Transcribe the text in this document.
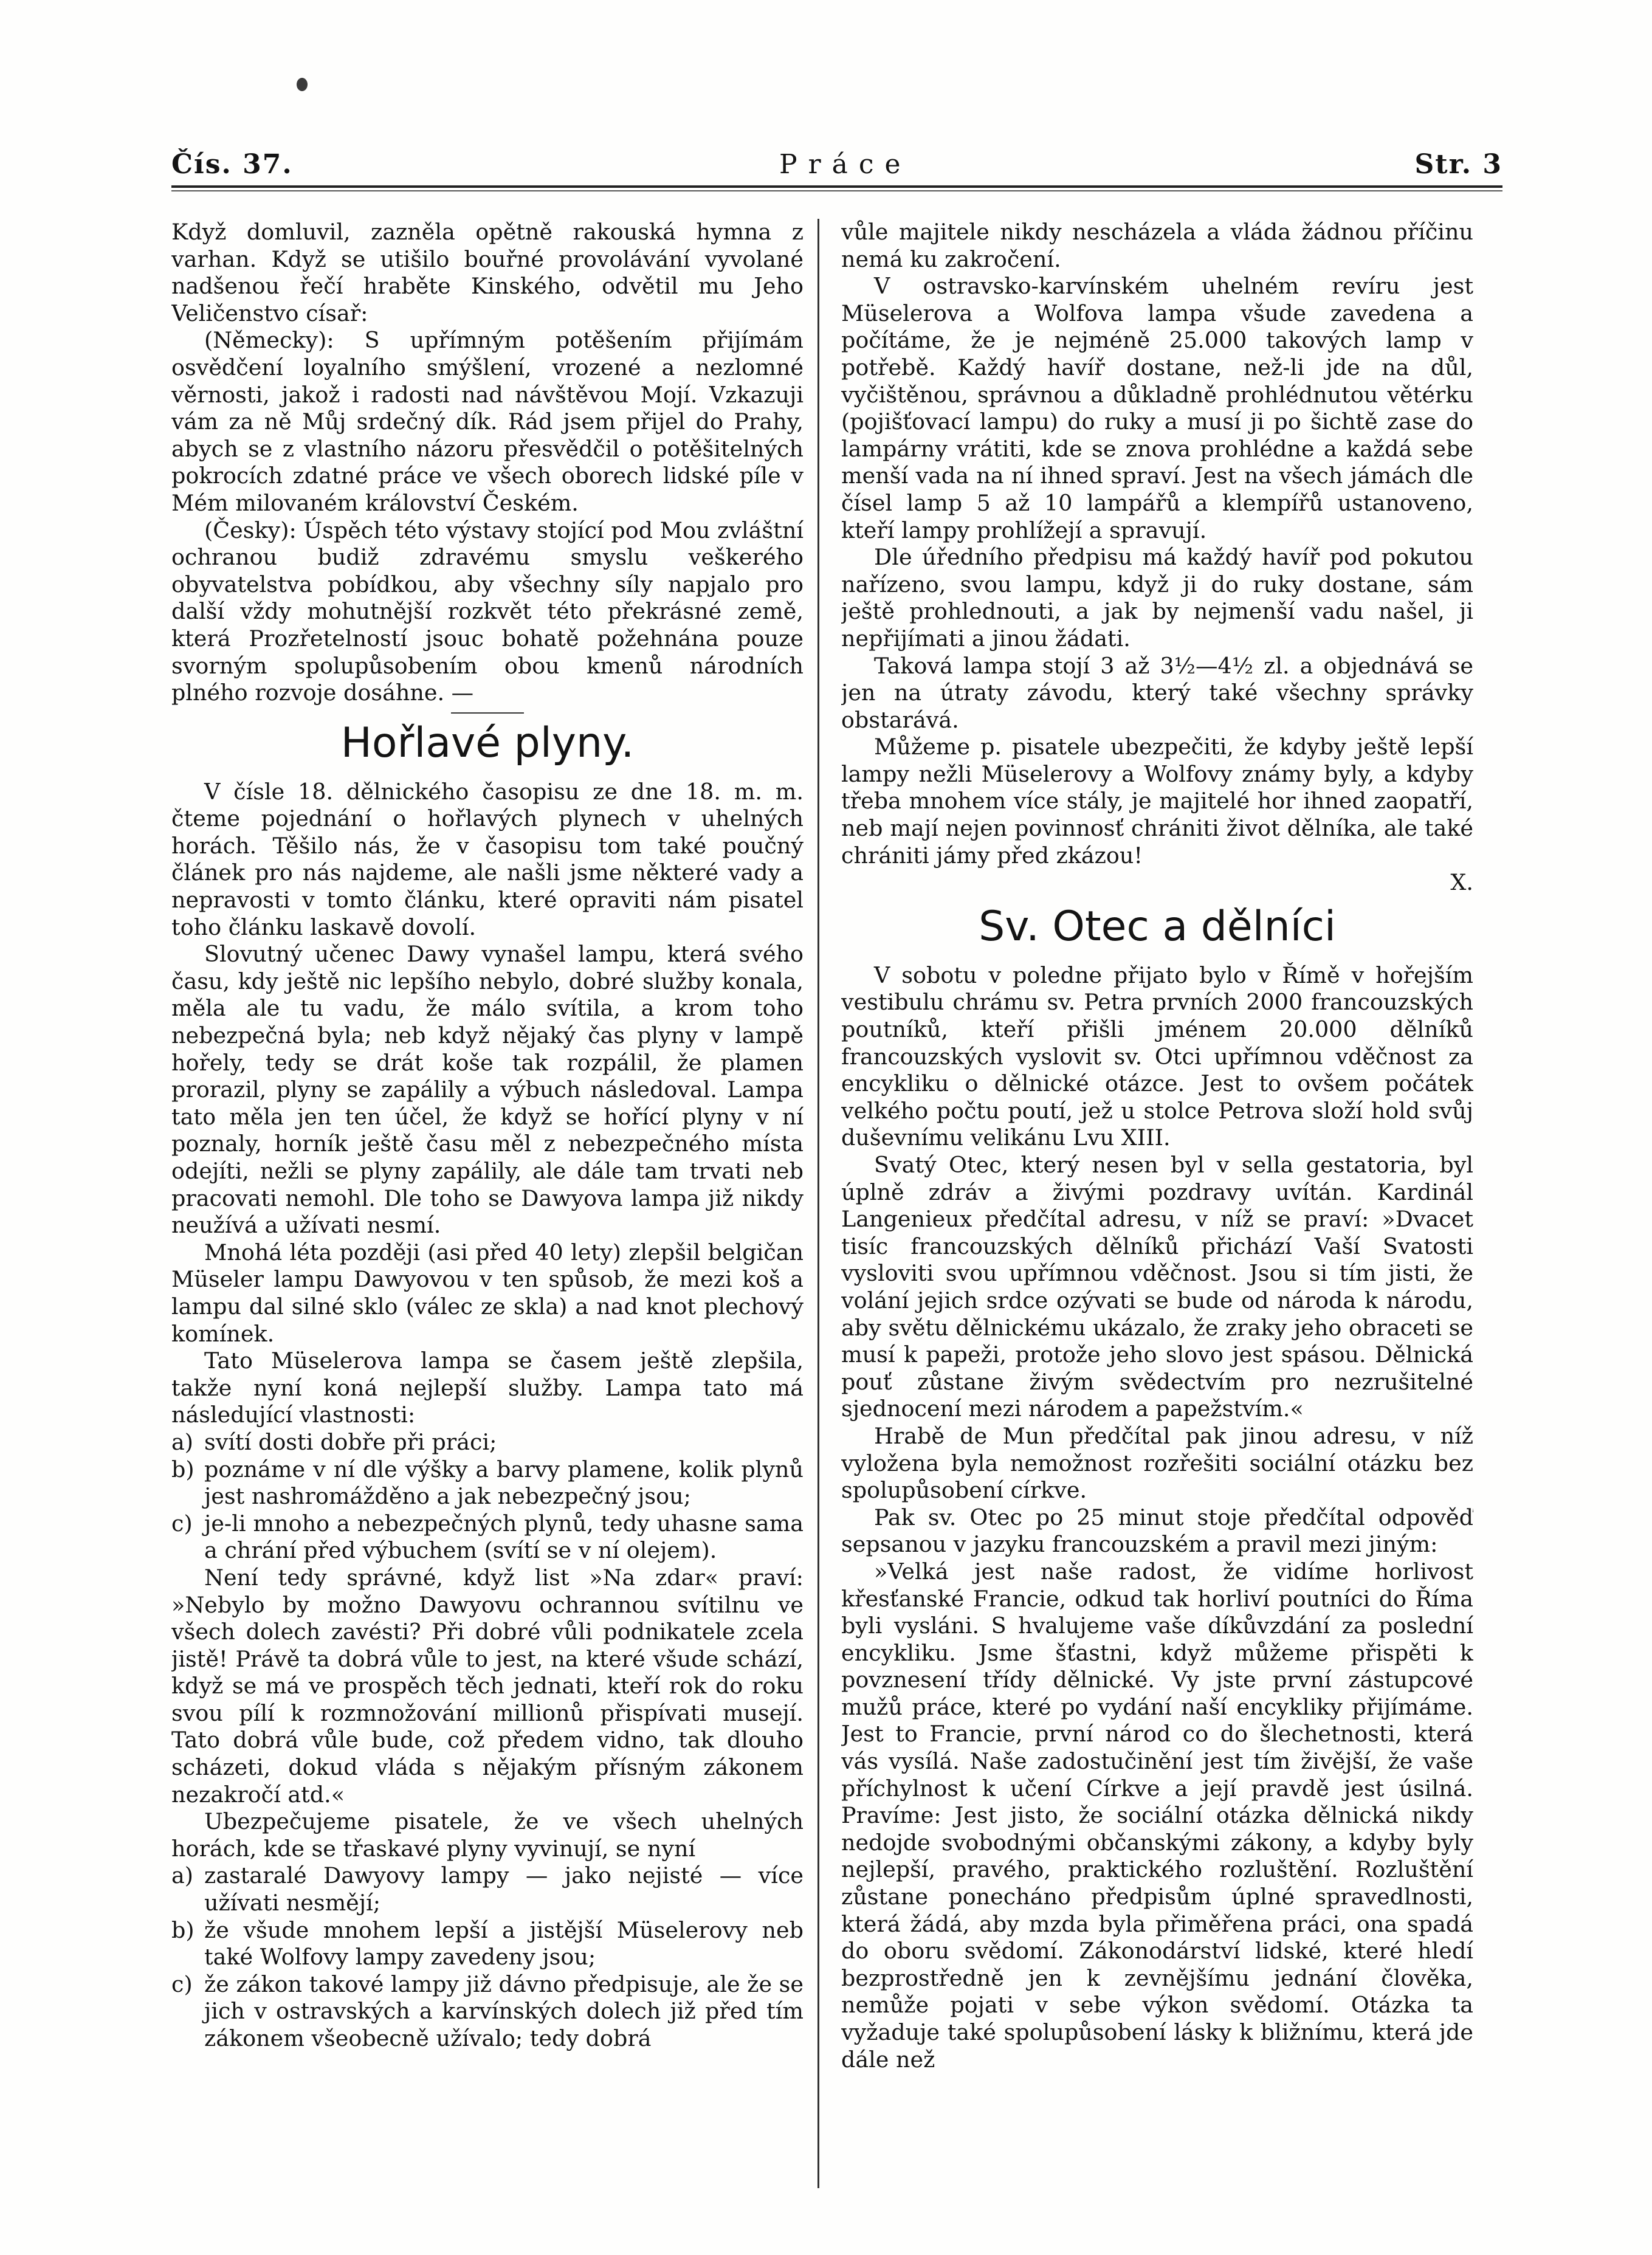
Čís. 37.	Práce	Str. 3

Když domluvil, zazněla opětně rakouská hymna z varhan. Když se utišilo bouřné provolávání vyvolané nadšenou řečí hraběte Kinského, odvětil mu Jeho Veličenstvo císař:

(Německy): S upřímným potěšením přijímám osvědčení loyalního smýšlení, vrozené a nezlomné věrnosti, jakož i radosti nad návštěvou Mojí. Vzkazuji vám za ně Můj srdečný dík. Rád jsem přijel do Prahy, abych se z vlastního názoru přesvědčil o potěšitelných pokrocích zdatné práce ve všech oborech lidské píle v Mém milovaném království Českém.

(Česky): Úspěch této výstavy stojící pod Mou zvláštní ochranou budiž zdravému smyslu veškerého obyvatelstva pobídkou, aby všechny síly napjalo pro další vždy mohutnější rozkvět této překrásné země, která Prozřetelností jsouc bohatě požehnána pouze svorným spolupůsobením obou kmenů národních plného rozvoje dosáhne. —

Hořlavé plyny.

V čísle 18. dělnického časopisu ze dne 18. m. m. čteme pojednání o hořlavých plynech v uhelných horách. Těšilo nás, že v časopisu tom také poučný článek pro nás najdeme, ale našli jsme některé vady a nepravosti v tomto článku, které opraviti nám pisatel toho článku laskavě dovolí.

Slovutný učenec Dawy vynašel lampu, která svého času, kdy ještě nic lepšího nebylo, dobré služby konala, měla ale tu vadu, že málo svítila, a krom toho nebezpečná byla; neb když nějaký čas plyny v lampě hořely, tedy se drát koše tak rozpálil, že plamen prorazil, plyny se zapálily a výbuch následoval. Lampa tato měla jen ten účel, že když se hořící plyny v ní poznaly, horník ještě času měl z nebezpečného místa odejíti, nežli se plyny zapálily, ale dále tam trvati neb pracovati nemohl. Dle toho se Dawyova lampa již nikdy neužívá a užívati nesmí.

Mnohá léta později (asi před 40 lety) zlepšil belgičan Müseler lampu Dawyovou v ten spůsob, že mezi koš a lampu dal silné sklo (válec ze skla) a nad knot plechový komínek.

Tato Müselerova lampa se časem ještě zlepšila, takže nyní koná nejlepší služby. Lampa tato má následující vlastnosti:

a) svítí dosti dobře při práci;
b) poznáme v ní dle výšky a barvy plamene, kolik plynů jest nashromážděno a jak nebezpečný jsou;
c) je-li mnoho a nebezpečných plynů, tedy uhasne sama a chrání před výbuchem (svítí se v ní olejem).

Není tedy správné, když list »Na zdar« praví: »Nebylo by možno Dawyovu ochrannou svítilnu ve všech dolech zavésti? Při dobré vůli podnikatele zcela jistě! Právě ta dobrá vůle to jest, na které všude schází, když se má ve prospěch těch jednati, kteří rok do roku svou pílí k rozmnožování millionů přispívati musejí. Tato dobrá vůle bude, což předem vidno, tak dlouho scházeti, dokud vláda s nějakým přísným zákonem nezakročí atd.«

Ubezpečujeme pisatele, že ve všech uhelných horách, kde se třaskavé plyny vyvinují, se nyní

a) zastaralé Dawyovy lampy — jako nejisté — více užívati nesmějí;
b) že všude mnohem lepší a jistější Müselerovy neb také Wolfovy lampy zavedeny jsou;
c) že zákon takové lampy již dávno předpisuje, ale že se jich v ostravských a karvínských dolech již před tím zákonem všeobecně užívalo; tedy dobrá

vůle majitele nikdy nescházela a vláda žádnou příčinu nemá ku zakročení.

V ostravsko-karvínském uhelném revíru jest Müselerova a Wolfova lampa všude zavedena a počítáme, že je nejméně 25.000 takových lamp v potřebě. Každý havíř dostane, než-li jde na důl, vyčištěnou, správnou a důkladně prohlédnutou větérku (pojišťovací lampu) do ruky a musí ji po šichtě zase do lampárny vrátiti, kde se znova prohlédne a každá sebe menší vada na ní ihned spraví. Jest na všech jámách dle čísel lamp 5 až 10 lampářů a klempířů ustanoveno, kteří lampy prohlížejí a spravují.

Dle úředního předpisu má každý havíř pod pokutou nařízeno, svou lampu, když ji do ruky dostane, sám ještě prohlednouti, a jak by nejmenší vadu našel, ji nepřijímati a jinou žádati.

Taková lampa stojí 3 až 3½—4½ zl. a objednává se jen na útraty závodu, který také všechny správky obstarává.

Můžeme p. pisatele ubezpečiti, že kdyby ještě lepší lampy nežli Müselerovy a Wolfovy známy byly, a kdyby třeba mnohem více stály, je majitelé hor ihned zaopatří, neb mají nejen povinnosť chrániti život dělníka, ale také chrániti jámy před zkázou!

X.
Sv. Otec a dělníci

V sobotu v poledne přijato bylo v Římě v hořejším vestibulu chrámu sv. Petra prvních 2000 francouzských poutníků, kteří přišli jménem 20.000 dělníků francouzských vyslovit sv. Otci upřímnou vděčnost za encykliku o dělnické otázce. Jest to ovšem počátek velkého počtu poutí, jež u stolce Petrova složí hold svůj duševnímu velikánu Lvu XIII.

Svatý Otec, který nesen byl v sella gestatoria, byl úplně zdráv a živými pozdravy uvítán. Kardinál Langenieux předčítal adresu, v níž se praví: »Dvacet tisíc francouzských dělníků přichází Vaší Svatosti vysloviti svou upřímnou vděčnost. Jsou si tím jisti, že volání jejich srdce ozývati se bude od národa k národu, aby světu dělnickému ukázalo, že zraky jeho obraceti se musí k papeži, protože jeho slovo jest spásou. Dělnická pouť zůstane živým svědectvím pro nezrušitelné sjednocení mezi národem a papežstvím.«

Hrabě de Mun předčítal pak jinou adresu, v níž vyložena byla nemožnost rozřešiti sociální otázku bez spolupůsobení církve.

Pak sv. Otec po 25 minut stoje předčítal odpověď sepsanou v jazyku francouzském a pravil mezi jiným:

»Velká jest naše radost, že vidíme horlivost křesťanské Francie, odkud tak horliví poutníci do Říma byli vysláni. S hvalujeme vaše díkůvzdání za poslední encykliku. Jsme šťastni, když můžeme přispěti k povznesení třídy dělnické. Vy jste první zástupcové mužů práce, které po vydání naší encykliky přijímáme. Jest to Francie, první národ co do šlechetnosti, která vás vysílá. Naše zadostučinění jest tím živější, že vaše příchylnost k učení Církve a její pravdě jest úsilná. Pravíme: Jest jisto, že sociální otázka dělnická nikdy nedojde svobodnými občanskými zákony, a kdyby byly nejlepší, pravého, praktického rozluštění. Rozluštění zůstane ponecháno předpisům úplné spravedlnosti, která žádá, aby mzda byla přiměřena práci, ona spadá do oboru svědomí. Zákonodárství lidské, které hledí bezprostředně jen k zevnějšímu jednání člověka, nemůže pojati v sebe výkon svědomí. Otázka ta vyžaduje také spolupůsobení lásky k bližnímu, která jde dále než
